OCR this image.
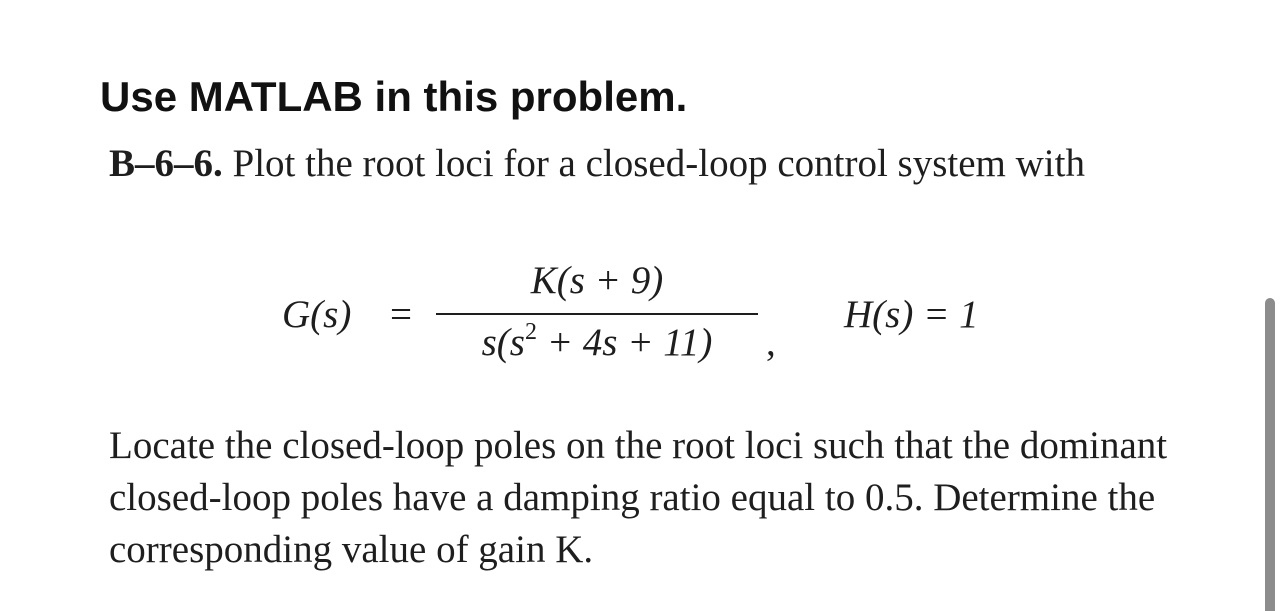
Use MATLAB in this problem.
B–6–6. Plot the root loci for a closed-loop control system with
G(s) =
K(s + 9)
$s(s^2 + 4s + 11)$	,
H(s) = 1
Locate the closed-loop poles on the root loci such that the dominant closed-loop poles have a damping ratio equal to 0.5. Determine the corresponding value of gain K.
